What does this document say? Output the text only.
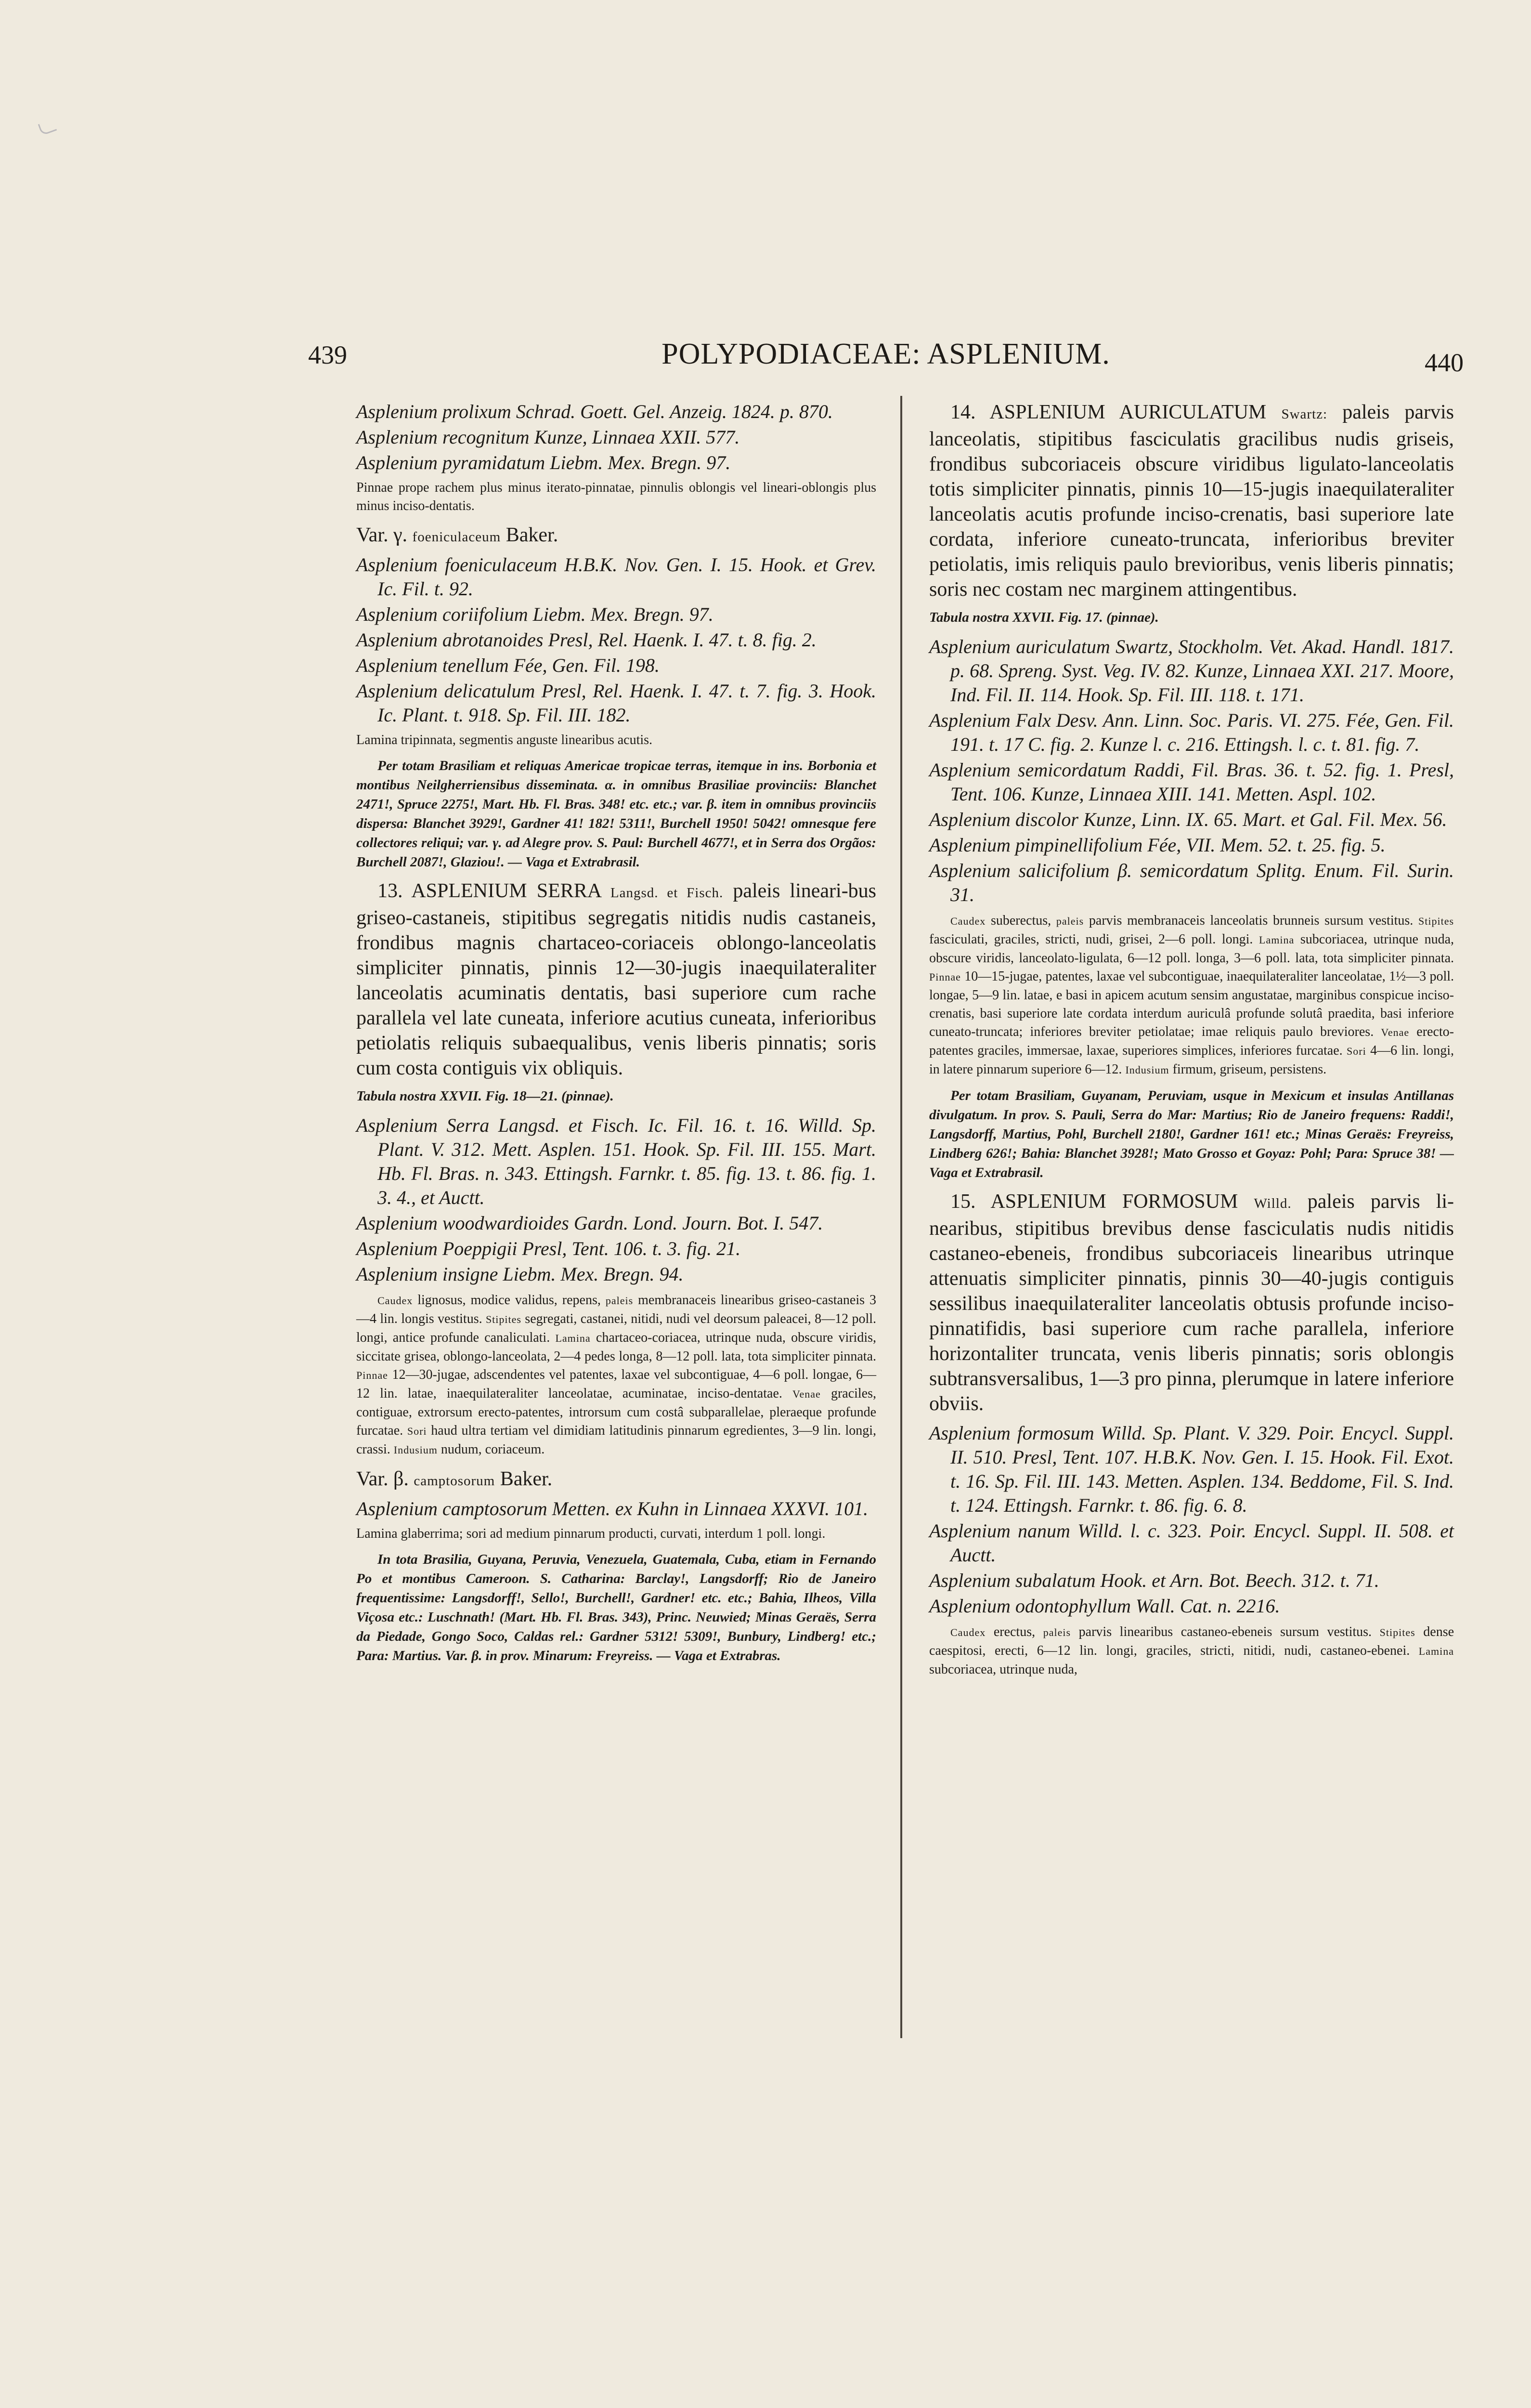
439	POLYPODIACEAE: ASPLENIUM.	440

Asplenium prolixum Schrad. Goett. Gel. Anzeig. 1824. p. 870.

Asplenium recognitum Kunze, Linnaea XXII. 577.

Asplenium pyramidatum Liebm. Mex. Bregn. 97.

Pinnae prope rachem plus minus iterato-pinnatae, pinnulis oblongis vel lineari-oblongis plus minus inciso-dentatis.

Var. γ. foeniculaceum Baker.

Asplenium foeniculaceum H.B.K. Nov. Gen. I. 15. Hook. et Grev. Ic. Fil. t. 92.

Asplenium coriifolium Liebm. Mex. Bregn. 97.

Asplenium abrotanoides Presl, Rel. Haenk. I. 47. t. 8. fig. 2.

Asplenium tenellum Fée, Gen. Fil. 198.

Asplenium delicatulum Presl, Rel. Haenk. I. 47. t. 7. fig. 3. Hook. Ic. Plant. t. 918. Sp. Fil. III. 182.

Lamina tripinnata, segmentis anguste linearibus acutis.

Per totam Brasiliam et reliquas Americae tropicae terras, itemque in ins. Borbonia et montibus Neilgherriensibus disseminata. α. in omnibus Brasiliae provinciis: Blanchet 2471!, Spruce 2275!, Mart. Hb. Fl. Bras. 348! etc. etc.; var. β. item in omnibus provinciis dispersa: Blanchet 3929!, Gardner 41! 182! 5311!, Burchell 1950! 5042! omnesque fere collectores reliqui; var. γ. ad Alegre prov. S. Paul: Burchell 4677!, et in Serra dos Orgãos: Burchell 2087!, Glaziou!. — Vaga et Extrabrasil.

13. ASPLENIUM SERRA Langsd. et Fisch. paleis lineari-bus griseo-castaneis, stipitibus segregatis nitidis nudis castaneis, frondibus magnis chartaceo-coriaceis oblongo-lanceolatis simpliciter pinnatis, pinnis 12—30-jugis inaequilateraliter lanceolatis acuminatis dentatis, basi superiore cum rache parallela vel late cuneata, inferiore acutius cuneata, inferioribus petiolatis reliquis subaequalibus, venis liberis pinnatis; soris cum costa contiguis vix obliquis.

Tabula nostra XXVII. Fig. 18—21. (pinnae).

Asplenium Serra Langsd. et Fisch. Ic. Fil. 16. t. 16. Willd. Sp. Plant. V. 312. Mett. Asplen. 151. Hook. Sp. Fil. III. 155. Mart. Hb. Fl. Bras. n. 343. Ettingsh. Farnkr. t. 85. fig. 13. t. 86. fig. 1. 3. 4., et Auctt.

Asplenium woodwardioides Gardn. Lond. Journ. Bot. I. 547.

Asplenium Poeppigii Presl, Tent. 106. t. 3. fig. 21.

Asplenium insigne Liebm. Mex. Bregn. 94.

Caudex lignosus, modice validus, repens, paleis membranaceis linearibus griseo-castaneis 3—4 lin. longis vestitus. Stipites segregati, castanei, nitidi, nudi vel deorsum paleacei, 8—12 poll. longi, antice profunde canaliculati. Lamina chartaceo-coriacea, utrinque nuda, obscure viridis, siccitate grisea, oblongo-lanceolata, 2—4 pedes longa, 8—12 poll. lata, tota simpliciter pinnata. Pinnae 12—30-jugae, adscendentes vel patentes, laxae vel subcontiguae, 4—6 poll. longae, 6—12 lin. latae, inaequilateraliter lanceolatae, acuminatae, inciso-dentatae. Venae graciles, contiguae, extrorsum erecto-patentes, introrsum cum costâ subparallelae, pleraeque profunde furcatae. Sori haud ultra tertiam vel dimidiam latitudinis pinnarum egredientes, 3—9 lin. longi, crassi. Indusium nudum, coriaceum.

Var. β. camptosorum Baker.

Asplenium camptosorum Metten. ex Kuhn in Linnaea XXXVI. 101.

Lamina glaberrima; sori ad medium pinnarum producti, curvati, interdum 1 poll. longi.

In tota Brasilia, Guyana, Peruvia, Venezuela, Guatemala, Cuba, etiam in Fernando Po et montibus Cameroon. S. Catharina: Barclay!, Langsdorff; Rio de Janeiro frequentissime: Langsdorff!, Sello!, Burchell!, Gardner! etc. etc.; Bahia, Ilheos, Villa Viçosa etc.: Luschnath! (Mart. Hb. Fl. Bras. 343), Princ. Neuwied; Minas Geraës, Serra da Piedade, Gongo Soco, Caldas rel.: Gardner 5312! 5309!, Bunbury, Lindberg! etc.; Para: Martius. Var. β. in prov. Minarum: Freyreiss. — Vaga et Extrabras.

14. ASPLENIUM AURICULATUM Swartz: paleis parvis lanceolatis, stipitibus fasciculatis gracilibus nudis griseis, frondibus subcoriaceis obscure viridibus ligulato-lanceolatis totis simpliciter pinnatis, pinnis 10—15-jugis inaequilateraliter lanceolatis acutis profunde inciso-crenatis, basi superiore late cordata, inferiore cuneato-truncata, inferioribus breviter petiolatis, imis reliquis paulo brevioribus, venis liberis pinnatis; soris nec costam nec marginem attingentibus.

Tabula nostra XXVII. Fig. 17. (pinnae).

Asplenium auriculatum Swartz, Stockholm. Vet. Akad. Handl. 1817. p. 68. Spreng. Syst. Veg. IV. 82. Kunze, Linnaea XXI. 217. Moore, Ind. Fil. II. 114. Hook. Sp. Fil. III. 118. t. 171.

Asplenium Falx Desv. Ann. Linn. Soc. Paris. VI. 275. Fée, Gen. Fil. 191. t. 17 C. fig. 2. Kunze l. c. 216. Ettingsh. l. c. t. 81. fig. 7.

Asplenium semicordatum Raddi, Fil. Bras. 36. t. 52. fig. 1. Presl, Tent. 106. Kunze, Linnaea XIII. 141. Metten. Aspl. 102.

Asplenium discolor Kunze, Linn. IX. 65. Mart. et Gal. Fil. Mex. 56.

Asplenium pimpinellifolium Fée, VII. Mem. 52. t. 25. fig. 5.

Asplenium salicifolium β. semicordatum Splitg. Enum. Fil. Surin. 31.

Caudex suberectus, paleis parvis membranaceis lanceolatis brunneis sursum vestitus. Stipites fasciculati, graciles, stricti, nudi, grisei, 2—6 poll. longi. Lamina subcoriacea, utrinque nuda, obscure viridis, lanceolato-ligulata, 6—12 poll. longa, 3—6 poll. lata, tota simpliciter pinnata. Pinnae 10—15-jugae, patentes, laxae vel subcontiguae, inaequilateraliter lanceolatae, 1½—3 poll. longae, 5—9 lin. latae, e basi in apicem acutum sensim angustatae, marginibus conspicue inciso-crenatis, basi superiore late cordata interdum auriculâ profunde solutâ praedita, basi inferiore cuneato-truncata; inferiores breviter petiolatae; imae reliquis paulo breviores. Venae erecto-patentes graciles, immersae, laxae, superiores simplices, inferiores furcatae. Sori 4—6 lin. longi, in latere pinnarum superiore 6—12. Indusium firmum, griseum, persistens.

Per totam Brasiliam, Guyanam, Peruviam, usque in Mexicum et insulas Antillanas divulgatum. In prov. S. Pauli, Serra do Mar: Martius; Rio de Janeiro frequens: Raddi!, Langsdorff, Martius, Pohl, Burchell 2180!, Gardner 161! etc.; Minas Geraës: Freyreiss, Lindberg 626!; Bahia: Blanchet 3928!; Mato Grosso et Goyaz: Pohl; Para: Spruce 38! — Vaga et Extrabrasil.

15. ASPLENIUM FORMOSUM Willd. paleis parvis li-nearibus, stipitibus brevibus dense fasciculatis nudis nitidis castaneo-ebeneis, frondibus subcoriaceis linearibus utrinque attenuatis simpliciter pinnatis, pinnis 30—40-jugis contiguis sessilibus inaequilateraliter lanceolatis obtusis profunde inciso-pinnatifidis, basi superiore cum rache parallela, inferiore horizontaliter truncata, venis liberis pinnatis; soris oblongis subtransversalibus, 1—3 pro pinna, plerumque in latere inferiore obviis.

Asplenium formosum Willd. Sp. Plant. V. 329. Poir. Encycl. Suppl. II. 510. Presl, Tent. 107. H.B.K. Nov. Gen. I. 15. Hook. Fil. Exot. t. 16. Sp. Fil. III. 143. Metten. Asplen. 134. Beddome, Fil. S. Ind. t. 124. Ettingsh. Farnkr. t. 86. fig. 6. 8.

Asplenium nanum Willd. l. c. 323. Poir. Encycl. Suppl. II. 508. et Auctt.

Asplenium subalatum Hook. et Arn. Bot. Beech. 312. t. 71.

Asplenium odontophyllum Wall. Cat. n. 2216.

Caudex erectus, paleis parvis linearibus castaneo-ebeneis sursum vestitus. Stipites dense caespitosi, erecti, 6—12 lin. longi, graciles, stricti, nitidi, nudi, castaneo-ebenei. Lamina subcoriacea, utrinque nuda,
